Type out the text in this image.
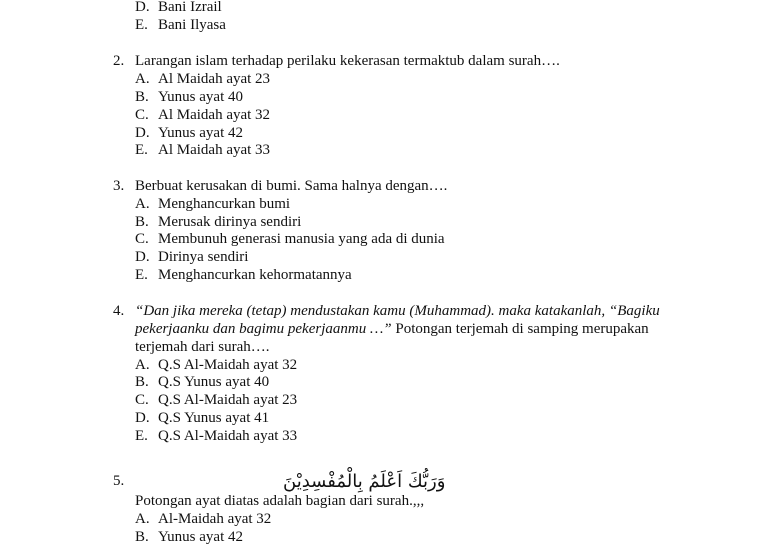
D. Bani Izrail
E. Bani Ilyasa
2. Larangan islam terhadap perilaku kekerasan termaktub dalam surah….
A. Al Maidah ayat 23
B. Yunus ayat 40
C. Al Maidah ayat 32
D. Yunus ayat 42
E. Al Maidah ayat 33
3. Berbuat kerusakan di bumi. Sama halnya dengan….
A. Menghancurkan bumi
B. Merusak dirinya sendiri
C. Membunuh generasi manusia yang ada di dunia
D. Dirinya sendiri
E. Menghancurkan kehormatannya
4. “Dan jika mereka (tetap) mendustakan kamu (Muhammad). maka katakanlah, “Bagiku pekerjaanku dan bagimu pekerjaanmu …” Potongan terjemah di samping merupakan terjemah dari surah….
A. Q.S Al-Maidah ayat 32
B. Q.S Yunus ayat 40
C. Q.S Al-Maidah ayat 23
D. Q.S Yunus ayat 41
E. Q.S Al-Maidah ayat 33
5.	وَرَبُّكَ اَعْلَمُ بِالْمُفْسِدِيْنَ
Potongan ayat diatas adalah bagian dari surah.,,,
A. Al-Maidah ayat 32
B. Yunus ayat 42
